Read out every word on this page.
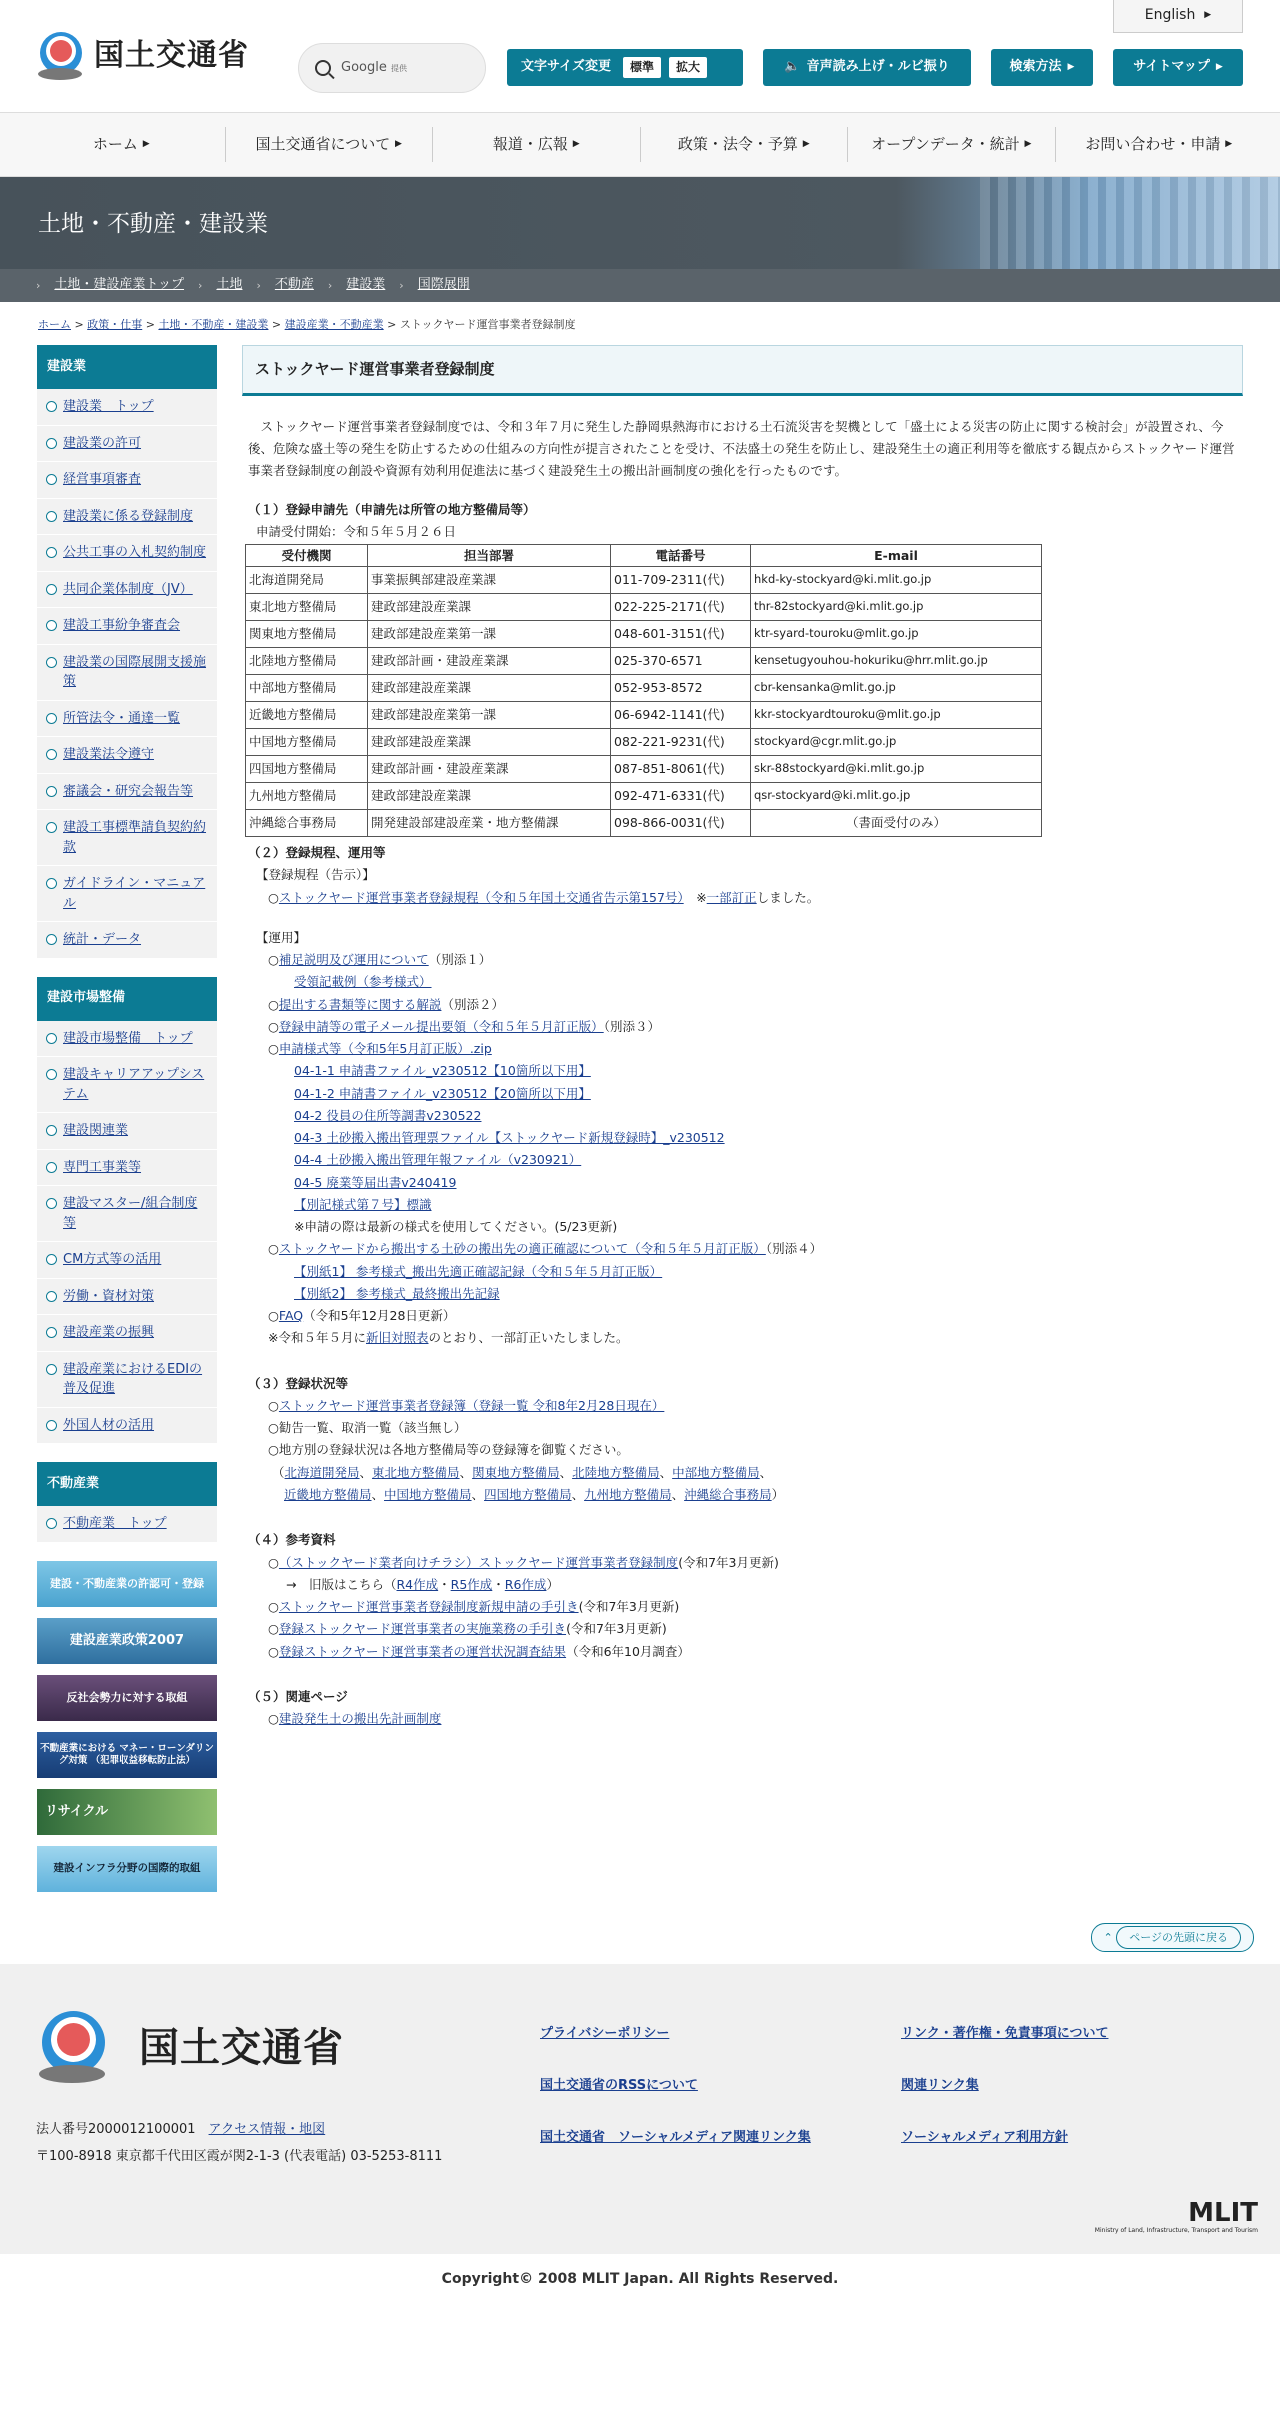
国土交通省
English
▶
Google 提供	文字サイズ変更	標準	拡大	🔈 音声読み上げ・ルビ振り	検索方法 ▶	サイトマップ ▶
ホーム
▶	国土交通省について
▶	報道・広報
▶	政策・法令・予算
▶	オープンデータ・統計
▶	お問い合わせ・申請
▶
土地・不動産・建設業
› 土地・建設産業トップ › 土地 › 不動産 › 建設業 › 国際展開
ホーム > 政策・仕事 > 土地・不動産・建設業 > 建設産業・不動産業 > ストックヤード運営事業者登録制度
建設業
建設業　トップ
建設業の許可
経営事項審査
建設業に係る登録制度
公共工事の入札契約制度
共同企業体制度（JV）
建設工事紛争審査会
建設業の国際展開支援施策
所管法令・通達一覧
建設業法令遵守
審議会・研究会報告等
建設工事標準請負契約約款
ガイドライン・マニュアル
統計・データ
建設市場整備
建設市場整備　トップ
建設キャリアアップシステム
建設関連業
専門工事業等
建設マスター/組合制度等
CM方式等の活用
労働・資材対策
建設産業の振興
建設産業におけるEDIの普及促進
外国人材の活用
不動産業
不動産業　トップ
建設・不動産業の許認可・登録
建設産業政策2007
反社会勢力に対する取組
不動産業における マネー・ローンダリング対策 （犯罪収益移転防止法）
リサイクル
建設インフラ分野の国際的取組
ストックヤード運営事業者登録制度

ストックヤード運営事業者登録制度では、令和３年７月に発生した静岡県熱海市における土石流災害を契機として「盛土による災害の防止に関する検討会」が設置され、今後、危険な盛土等の発生を防止するための仕組みの方向性が提言されたことを受け、不法盛土の発生を防止し、建設発生土の適正利用等を徹底する観点からストックヤード運営事業者登録制度の創設や資源有効利用促進法に基づく建設発生土の搬出計画制度の強化を行ったものです。

（１）登録申請先（申請先は所管の地方整備局等）
申請受付開始：令和５年５月２６日
受付機関	担当部署	電話番号	E-mail
北海道開発局	事業振興部建設産業課	011-709-2311(代)	hkd-ky-stockyard@ki.mlit.go.jp
東北地方整備局	建政部建設産業課	022-225-2171(代)	thr-82stockyard@ki.mlit.go.jp
関東地方整備局	建政部建設産業第一課	048-601-3151(代)	ktr-syard-touroku@mlit.go.jp
北陸地方整備局	建政部計画・建設産業課	025-370-6571	kensetugyouhou-hokuriku@hrr.mlit.go.jp
中部地方整備局	建政部建設産業課	052-953-8572	cbr-kensanka@mlit.go.jp
近畿地方整備局	建政部建設産業第一課	06-6942-1141(代)	kkr-stockyardtouroku@mlit.go.jp
中国地方整備局	建政部建設産業課	082-221-9231(代)	stockyard@cgr.mlit.go.jp
四国地方整備局	建政部計画・建設産業課	087-851-8061(代)	skr-88stockyard@ki.mlit.go.jp
九州地方整備局	建政部建設産業課	092-471-6331(代)	qsr-stockyard@ki.mlit.go.jp
沖縄総合事務局	開発建設部建設産業・地方整備課	098-866-0031(代)	（書面受付のみ）
（２）登録規程、運用等
【登録規程（告示）】
○ストックヤード運営事業者登録規程（令和５年国土交通省告示第157号）　 ※一部訂正しました。
【運用】
○補足説明及び運用について（別添１）
受領記載例（参考様式）
○提出する書類等に関する解説（別添２）
○登録申請等の電子メール提出要領（令和５年５月訂正版）（別添３）
○申請様式等（令和5年5月訂正版）.zip
04-1-1 申請書ファイル_v230512【10箇所以下用】
04-1-2 申請書ファイル_v230512【20箇所以下用】
04-2 役員の住所等調書v230522
04-3 土砂搬入搬出管理票ファイル【ストックヤード新規登録時】_v230512
04-4 土砂搬入搬出管理年報ファイル（v230921）
04-5 廃業等届出書v240419
【別記様式第７号】標識
※申請の際は最新の様式を使用してください。(5/23更新)
○ストックヤードから搬出する土砂の搬出先の適正確認について（令和５年５月訂正版）（別添４）
【別紙1】 参考様式_搬出先適正確認記録（令和５年５月訂正版）
【別紙2】 参考様式_最終搬出先記録
○FAQ（令和5年12月28日更新）
※令和５年５月に新旧対照表のとおり、一部訂正いたしました。
（３）登録状況等
○ストックヤード運営事業者登録簿（登録一覧 令和8年2月28日現在）
○勧告一覧、取消一覧（該当無し）
○地方別の登録状況は各地方整備局等の登録簿を御覧ください。
（北海道開発局、東北地方整備局、関東地方整備局、北陸地方整備局、中部地方整備局、
近畿地方整備局、中国地方整備局、四国地方整備局、九州地方整備局、沖縄総合事務局）
（４）参考資料
○（ストックヤード業者向けチラシ）ストックヤード運営事業者登録制度(令和7年3月更新)
→　旧版はこちら（R4作成・R5作成・R6作成）
○ストックヤード運営事業者登録制度新規申請の手引き(令和7年3月更新)
○登録ストックヤード運営事業者の実施業務の手引き(令和7年3月更新)
○登録ストックヤード運営事業者の運営状況調査結果（令和6年10月調査）
（５）関連ページ
○建設発生土の搬出先計画制度
⌃ ページの先頭に戻る
国土交通省
法人番号2000012100001　 アクセス情報・地図
〒100-8918 東京都千代田区霞が関2-1-3 (代表電話) 03-5253-8111
プライバシーポリシー	リンク・著作権・免責事項について
国土交通省のRSSについて	関連リンク集
国土交通省　ソーシャルメディア関連リンク集	ソーシャルメディア利用方針
MLIT
Ministry of Land, Infrastructure, Transport and Tourism
Copyright© 2008 MLIT Japan. All Rights Reserved.
